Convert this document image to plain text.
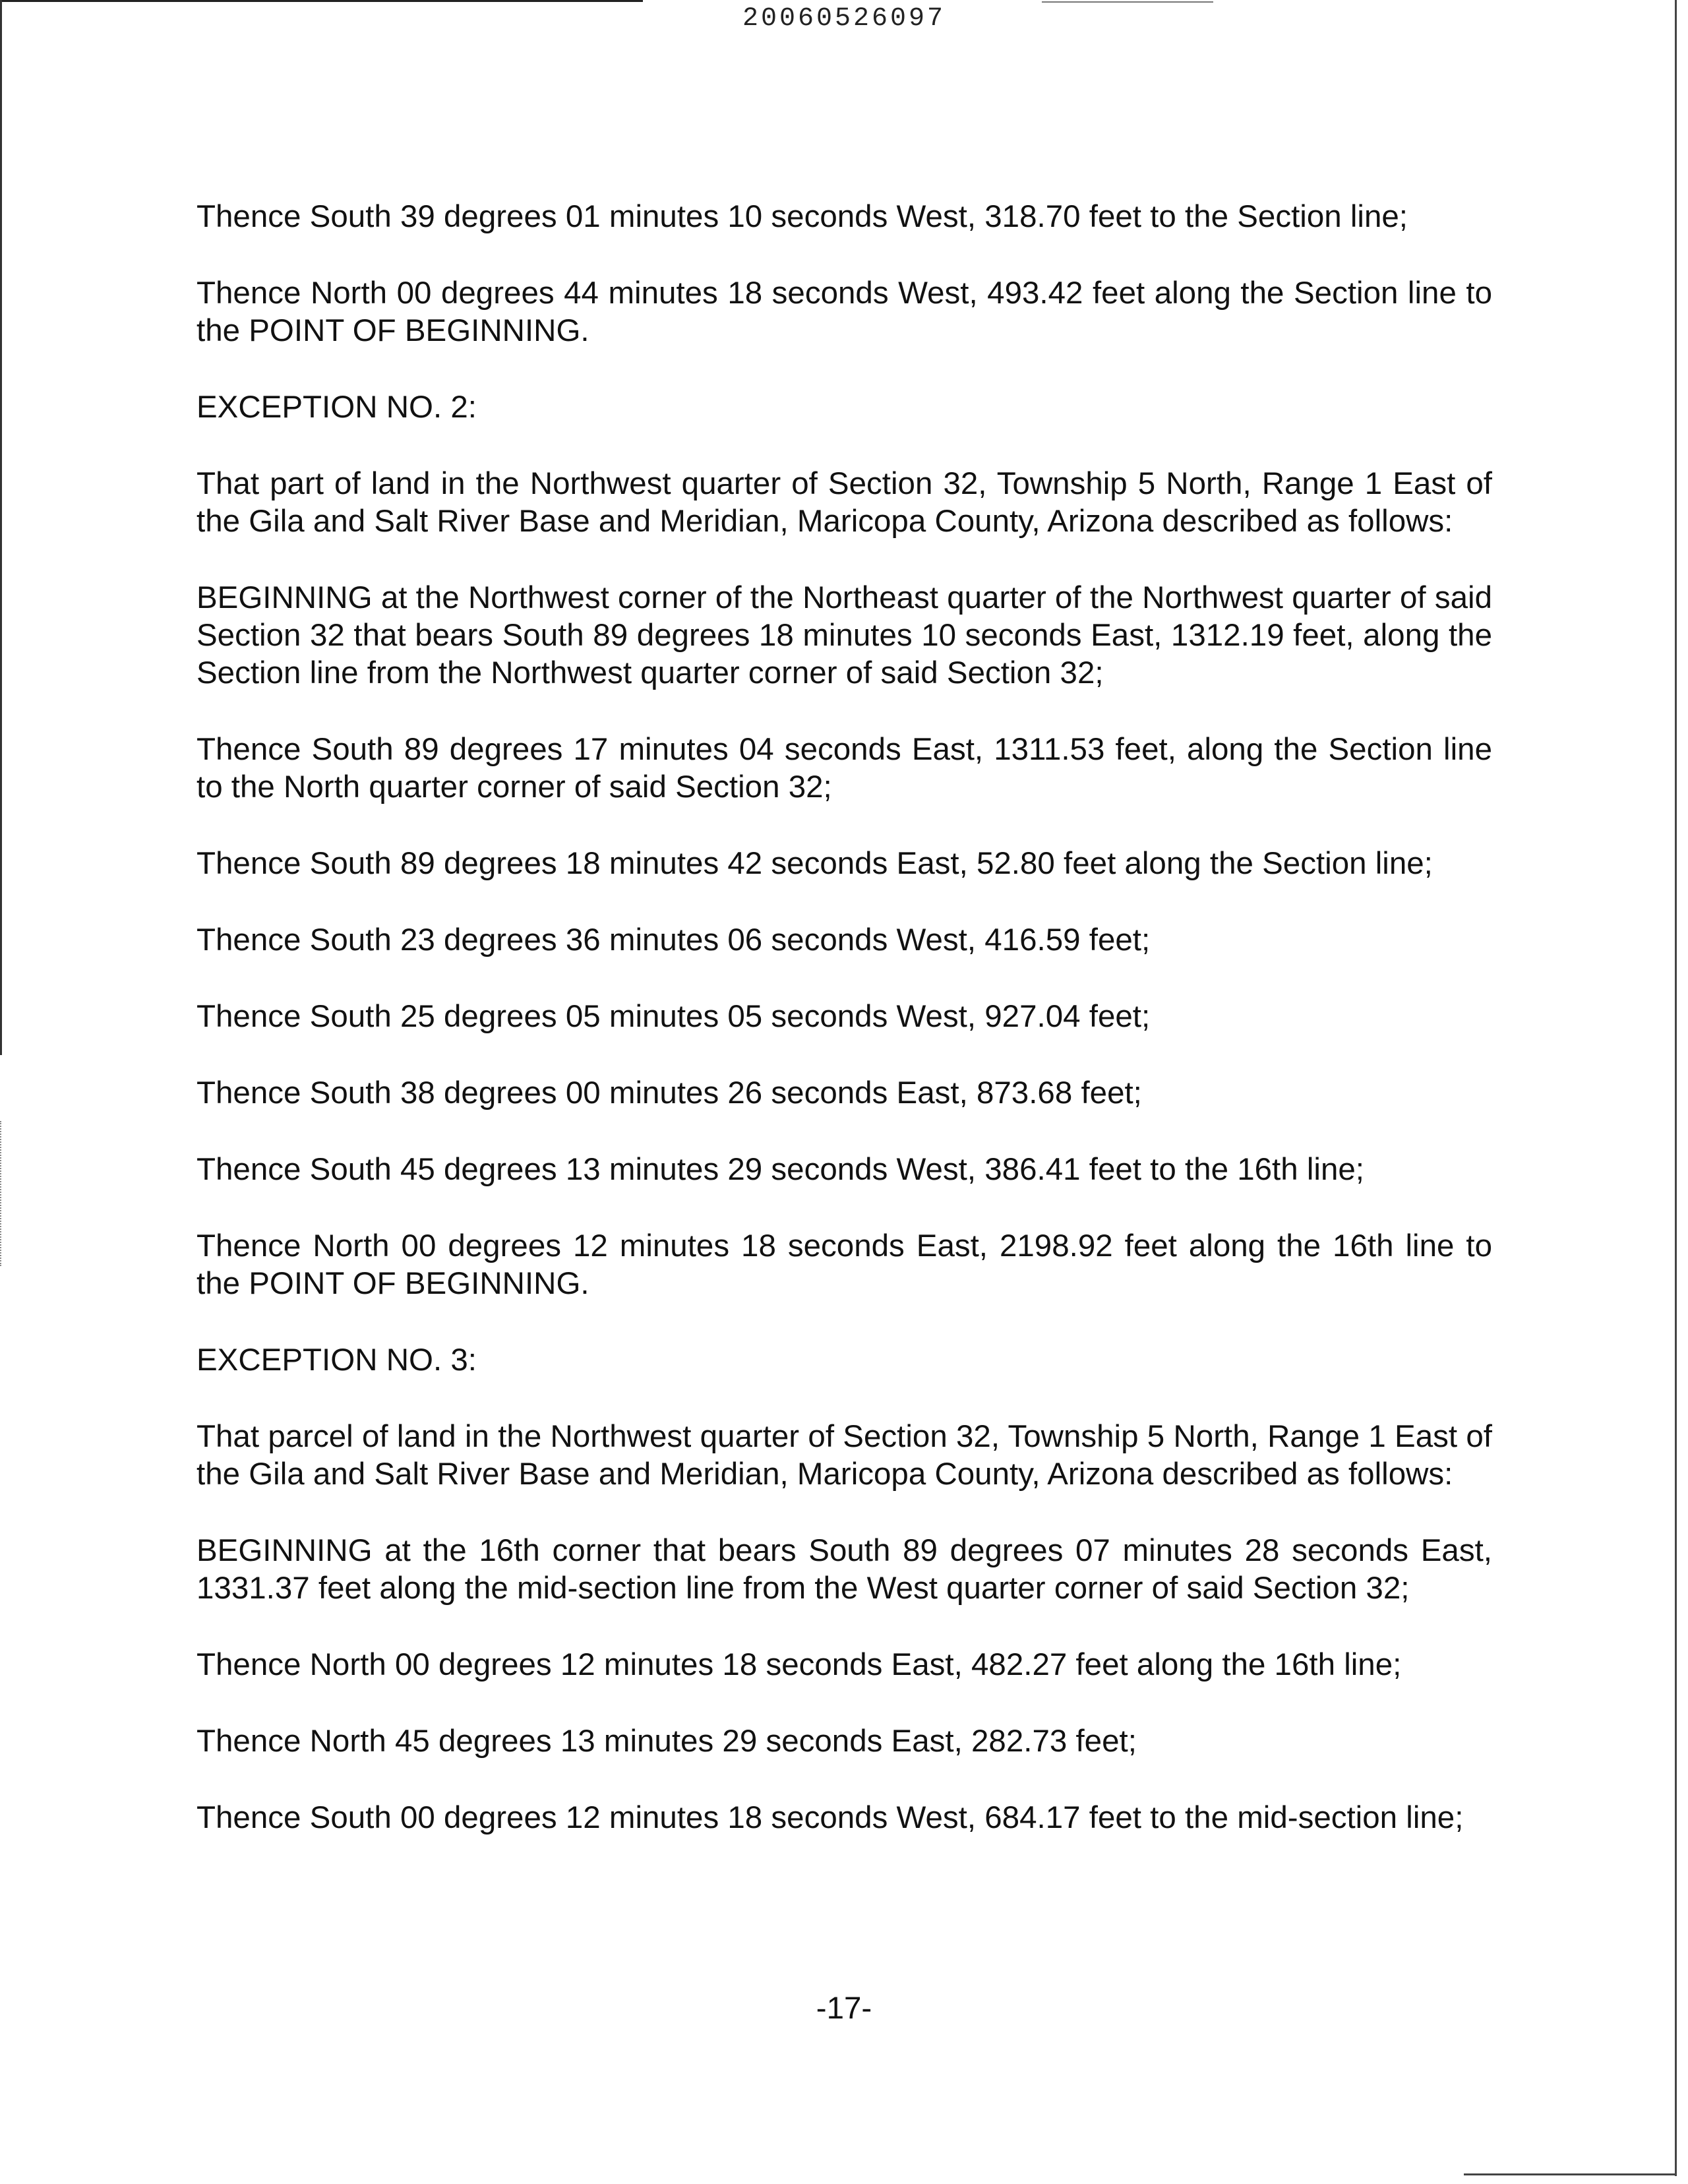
20060526097

Thence South 39 degrees 01 minutes 10 seconds West, 318.70 feet to the Section line;

Thence North 00 degrees 44 minutes 18 seconds West, 493.42 feet along the Section line to the POINT OF BEGINNING.

EXCEPTION NO. 2:

That part of land in the Northwest quarter of Section 32, Township 5 North, Range 1 East of the Gila and Salt River Base and Meridian, Maricopa County, Arizona described as follows:

BEGINNING at the Northwest corner of the Northeast quarter of the Northwest quarter of said Section 32 that bears South 89 degrees 18 minutes 10 seconds East, 1312.19 feet, along the Section line from the Northwest quarter corner of said Section 32;

Thence South 89 degrees 17 minutes 04 seconds East, 1311.53 feet, along the Section line to the North quarter corner of said Section 32;

Thence South 89 degrees 18 minutes 42 seconds East, 52.80 feet along the Section line;

Thence South 23 degrees 36 minutes 06 seconds West, 416.59 feet;

Thence South 25 degrees 05 minutes 05 seconds West, 927.04 feet;

Thence South 38 degrees 00 minutes 26 seconds East, 873.68 feet;

Thence South 45 degrees 13 minutes 29 seconds West, 386.41 feet to the 16th line;

Thence North 00 degrees 12 minutes 18 seconds East, 2198.92 feet along the 16th line to the POINT OF BEGINNING.

EXCEPTION NO. 3:

That parcel of land in the Northwest quarter of Section 32, Township 5 North, Range 1 East of the Gila and Salt River Base and Meridian, Maricopa County, Arizona described as follows:

BEGINNING at the 16th corner that bears South 89 degrees 07 minutes 28 seconds East, 1331.37 feet along the mid-section line from the West quarter corner of said Section 32;

Thence North 00 degrees 12 minutes 18 seconds East, 482.27 feet along the 16th line;

Thence North 45 degrees 13 minutes 29 seconds East, 282.73 feet;

Thence South 00 degrees 12 minutes 18 seconds West, 684.17 feet to the mid-section line;

-17-
